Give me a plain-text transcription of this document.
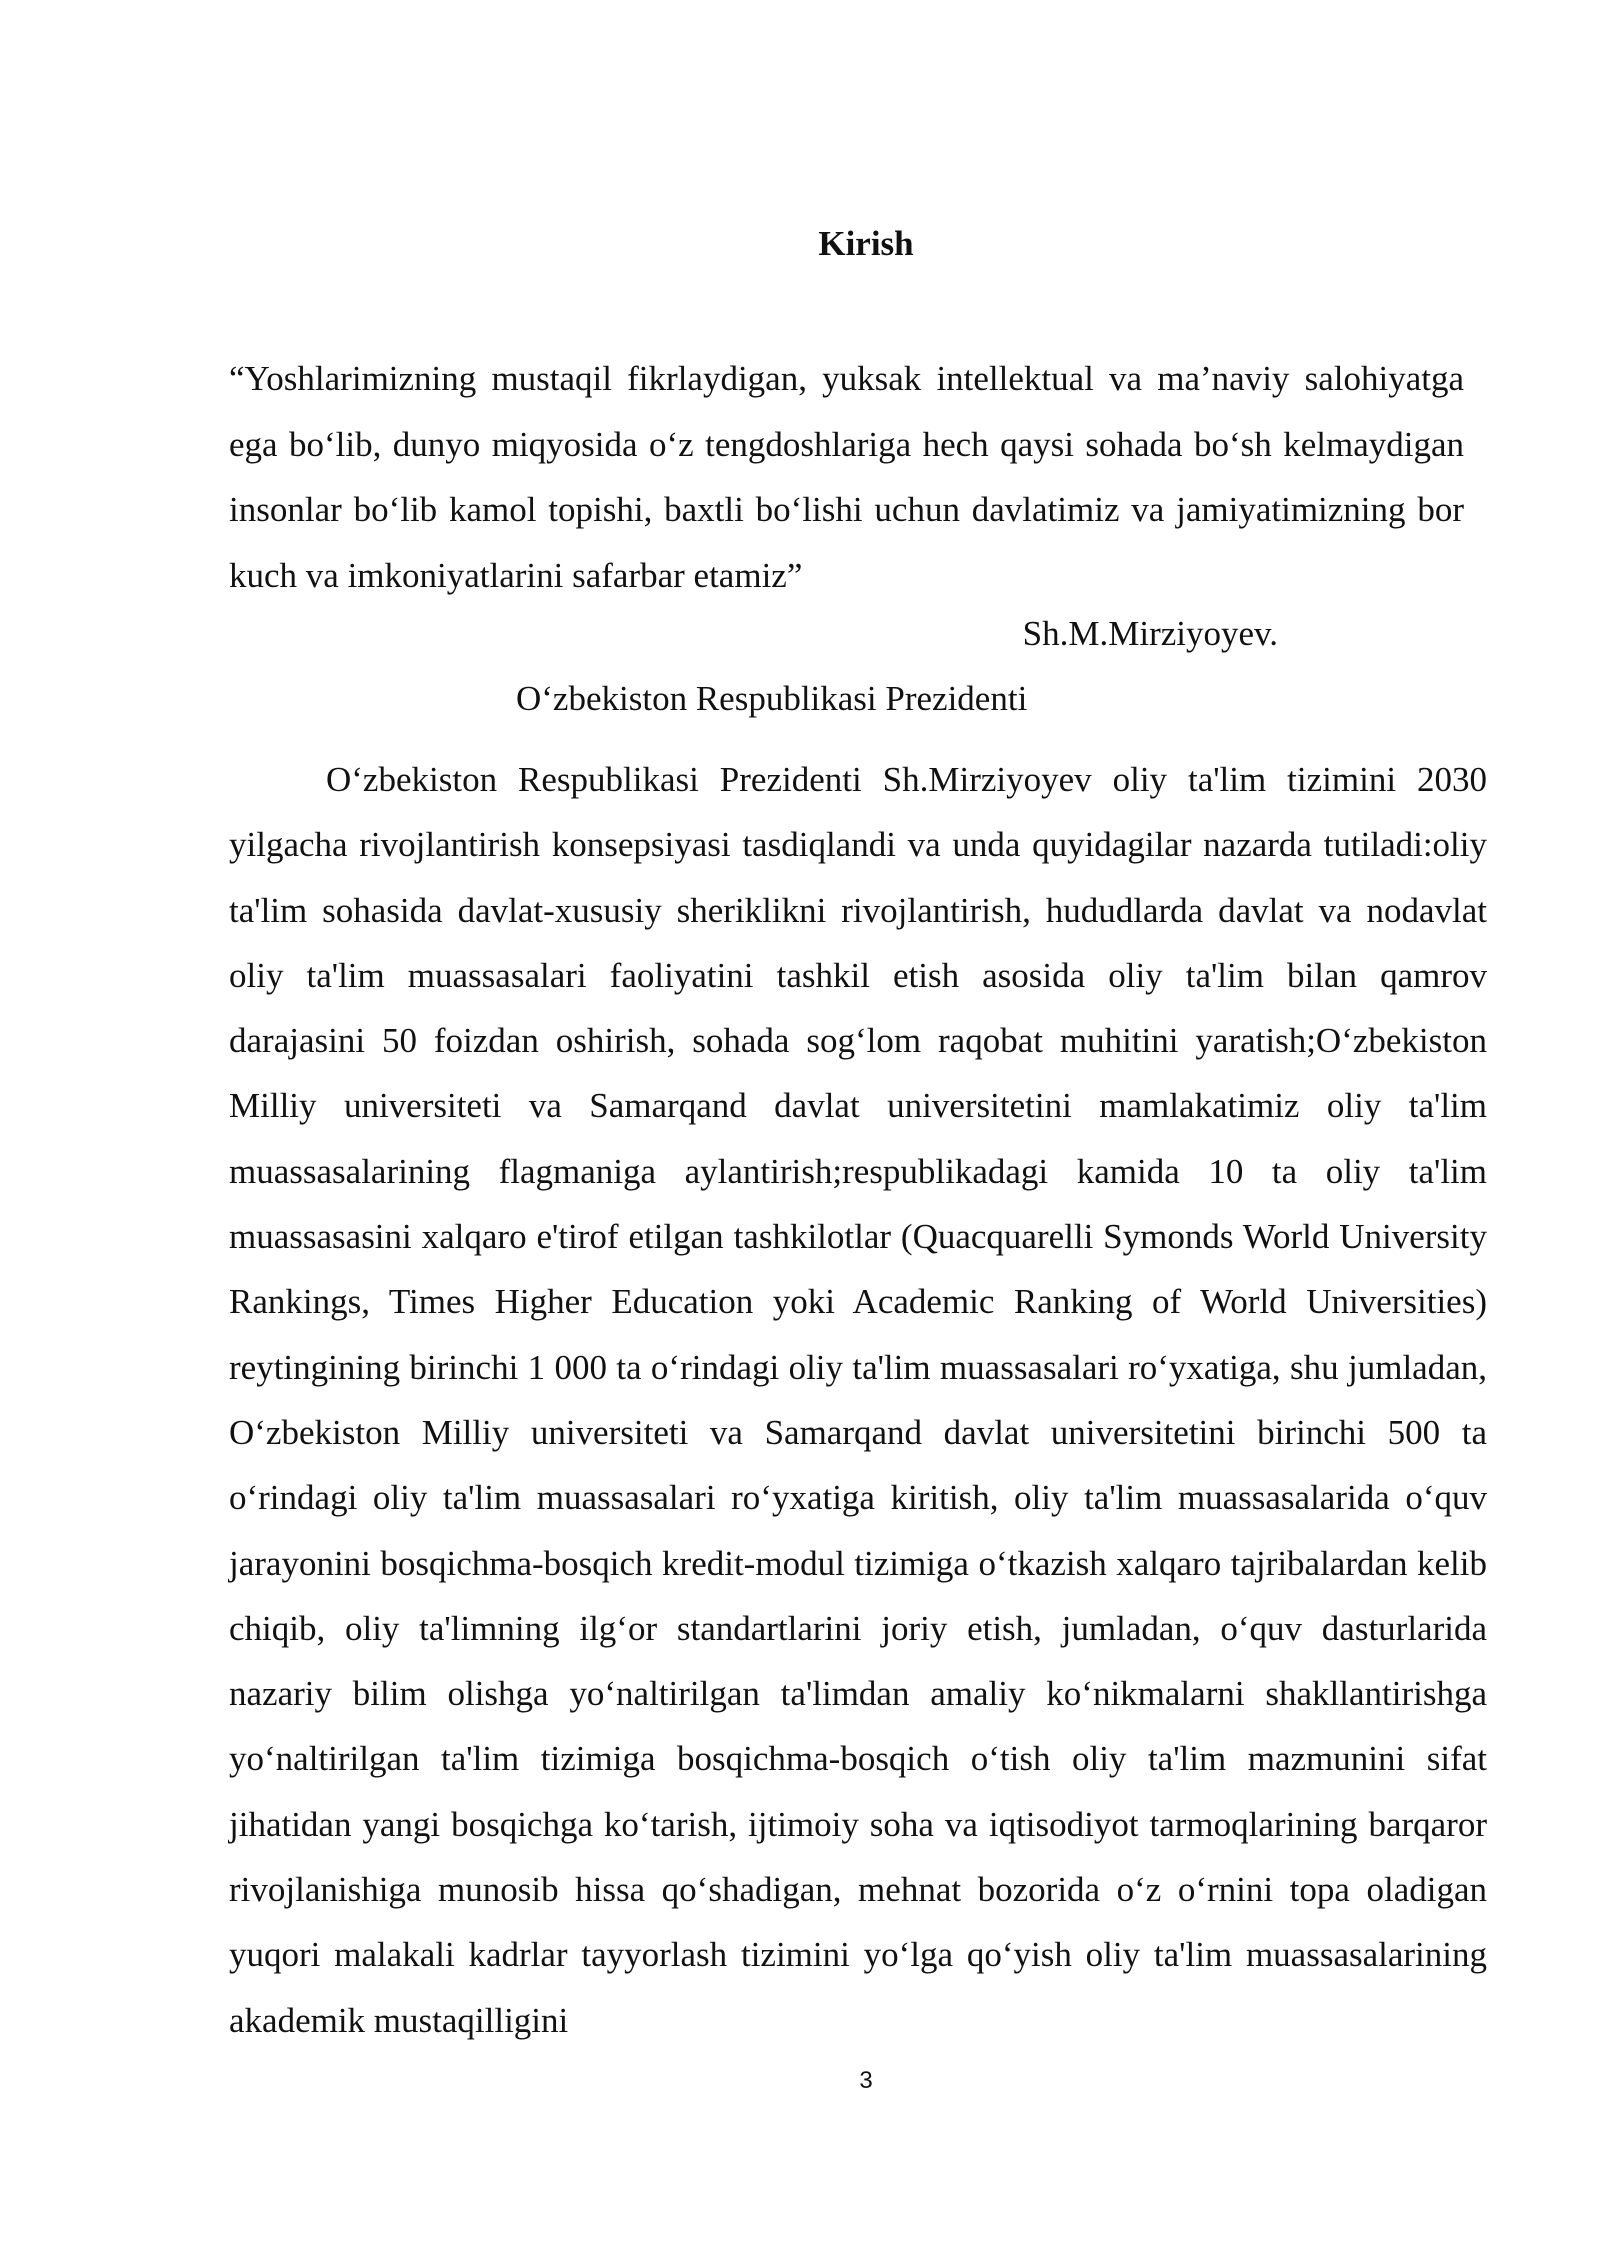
Kirish

“Yoshlarimizning mustaqil fikrlaydigan, yuksak intellektual va ma’naviy salohiyatga ega bo‘lib, dunyo miqyosida o‘z tengdoshlariga hech qaysi sohada bo‘sh kelmaydigan insonlar bo‘lib kamol topishi, baxtli bo‘lishi uchun davlatimiz va jamiyatimizning bor kuch va imkoniyatlarini safarbar etamiz”

Sh.M.Mirziyoyev.

O‘zbekiston Respublikasi Prezidenti

O‘zbekiston Respublikasi Prezidenti Sh.Mirziyoyev oliy ta'lim tizimini 2030 yilgacha rivojlantirish konsepsiyasi tasdiqlandi va unda quyidagilar nazarda tutiladi:oliy ta'lim sohasida davlat-xususiy sheriklikni rivojlantirish, hududlarda davlat va nodavlat oliy ta'lim muassasalari faoliyatini tashkil etish asosida oliy ta'lim bilan qamrov darajasini 50 foizdan oshirish, sohada sog‘lom raqobat muhitini yaratish;O‘zbekiston Milliy universiteti va Samarqand davlat universitetini mamlakatimiz oliy ta'lim muassasalarining flagmaniga aylantirish;respublikadagi kamida 10 ta oliy ta'lim muassasasini xalqaro e'tirof etilgan tashkilotlar (Quacquarelli Symonds World University Rankings, Times Higher Education yoki Academic Ranking of World Universities) reytingining birinchi 1 000 ta o‘rindagi oliy ta'lim muassasalari ro‘yxatiga, shu jumladan, O‘zbekiston Milliy universiteti va Samarqand davlat universitetini birinchi 500 ta o‘rindagi oliy ta'lim muassasalari ro‘yxatiga kiritish, oliy ta'lim muassasalarida o‘quv jarayonini bosqichma-bosqich kredit-modul tizimiga o‘tkazish xalqaro tajribalardan kelib chiqib, oliy ta'limning ilg‘or standartlarini joriy etish, jumladan, o‘quv dasturlarida nazariy bilim olishga yo‘naltirilgan ta'limdan amaliy ko‘nikmalarni shakllantirishga yo‘naltirilgan ta'lim tizimiga bosqichma-bosqich o‘tish oliy ta'lim mazmunini sifat jihatidan yangi bosqichga ko‘tarish, ijtimoiy soha va iqtisodiyot tarmoqlarining barqaror rivojlanishiga munosib hissa qo‘shadigan, mehnat bozorida o‘z o‘rnini topa oladigan yuqori malakali kadrlar tayyorlash tizimini yo‘lga qo‘yish oliy ta'lim muassasalarining akademik mustaqilligini

3
